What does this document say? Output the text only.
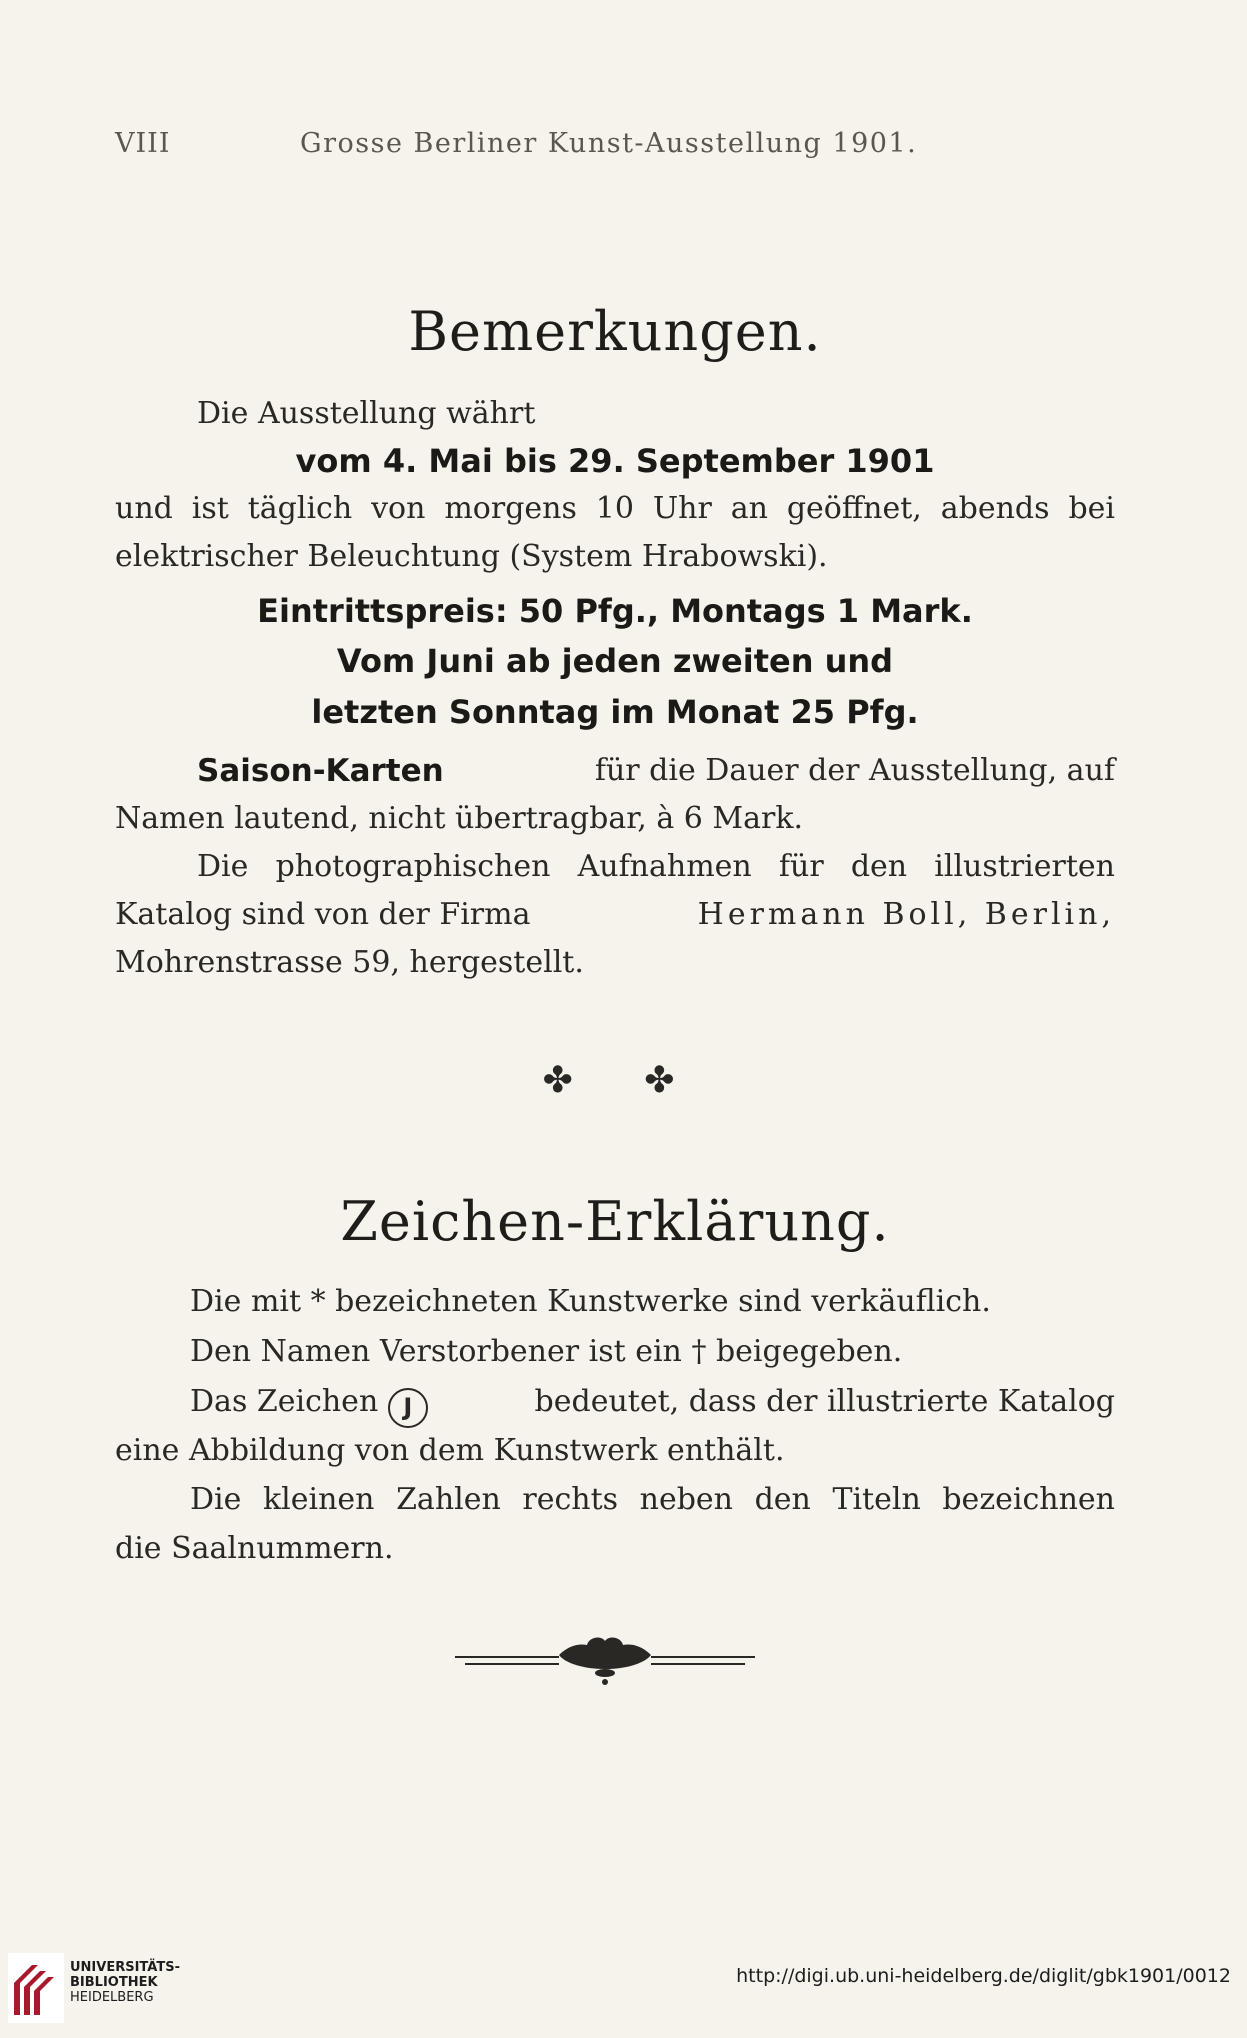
VIII	Grosse Berliner Kunst-Ausstellung 1901.
Bemerkungen.
Die Ausstellung währt
vom 4. Mai bis 29. September 1901
und ist täglich von morgens 10 Uhr an geöffnet, abends bei
elektrischer Beleuchtung (System Hrabowski).
Eintrittspreis: 50 Pfg., Montags 1 Mark.
Vom Juni ab jeden zweiten und
letzten Sonntag im Monat 25 Pfg.
Saison-Karten	für die Dauer der Ausstellung, auf
Namen lautend, nicht übertragbar, à 6 Mark.
Die photographischen Aufnahmen für den illustrierten
Katalog sind von der Firma	Hermann Boll, Berlin,
Mohrenstrasse 59, hergestellt.
✤ ✤
Zeichen-Erklärung.
Die mit * bezeichneten Kunstwerke sind verkäuflich.
Den Namen Verstorbener ist ein † beigegeben.
Das Zeichen J	bedeutet, dass der illustrierte Katalog
eine Abbildung von dem Kunstwerk enthält.
Die kleinen Zahlen rechts neben den Titeln bezeichnen
die Saalnummern.
UNIVERSITÄTS-
BIBLIOTHEK
HEIDELBERG
http://digi.ub.uni-heidelberg.de/diglit/gbk1901/0012
